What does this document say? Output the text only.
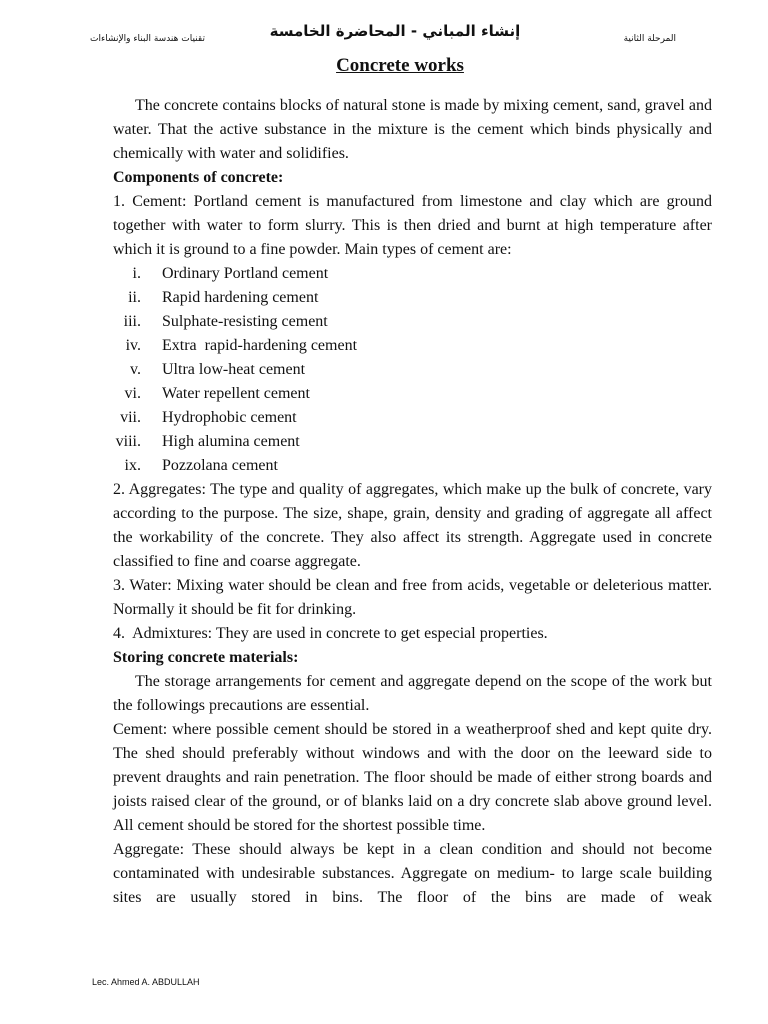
تقنيات هندسة البناء والإنشاءات	إنشاء المباني - المحاضرة الخامسة	المرحلة الثانية
Concrete works

The concrete contains blocks of natural stone is made by mixing cement, sand, gravel and water. That the active substance in the mixture is the cement which binds physically and chemically with water and solidifies.

Components of concrete:

1. Cement: Portland cement is manufactured from limestone and clay which are ground together with water to form slurry. This is then dried and burnt at high temperature after which it is ground to a fine powder. Main types of cement are:

i. Ordinary Portland cement
ii. Rapid hardening cement
iii. Sulphate-resisting cement
iv. Extra  rapid-hardening cement
v. Ultra low-heat cement
vi. Water repellent cement
vii. Hydrophobic cement
viii. High alumina cement
ix. Pozzolana cement

2. Aggregates: The type and quality of aggregates, which make up the bulk of concrete, vary according to the purpose. The size, shape, grain, density and grading of aggregate all affect the workability of the concrete. They also affect its strength. Aggregate used in concrete classified to fine and coarse aggregate.

3. Water: Mixing water should be clean and free from acids, vegetable or deleterious matter. Normally it should be fit for drinking.

4.  Admixtures: They are used in concrete to get especial properties.

Storing concrete materials:

The storage arrangements for cement and aggregate depend on the scope of the work but the followings precautions are essential.

Cement: where possible cement should be stored in a weatherproof shed and kept quite dry. The shed should preferably without windows and with the door on the leeward side to prevent draughts and rain penetration. The floor should be made of either strong boards and joists raised clear of the ground, or of blanks laid on a dry concrete slab above ground level. All cement should be stored for the shortest possible time.

Aggregate: These should always be kept in a clean condition and should not become contaminated with undesirable substances. Aggregate on medium- to large scale building sites are usually stored in bins. The floor of the bins are made of weak

Lec. Ahmed A. ABDULLAH
